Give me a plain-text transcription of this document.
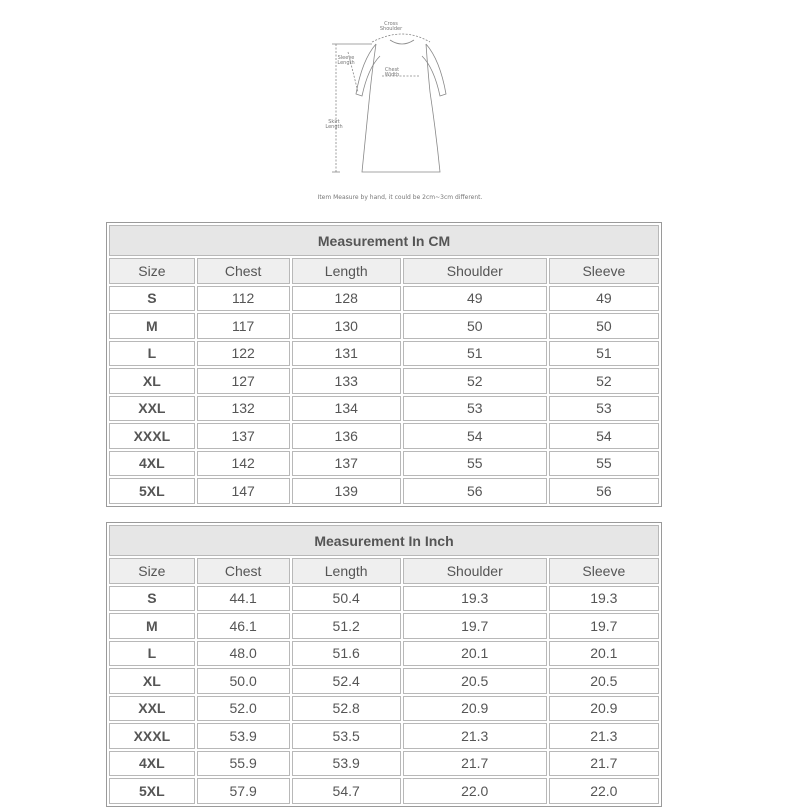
Cross Shoulder
Sleeve Length
Chest Width
Skirt Length
Item Measure by hand, it could be 2cm~3cm different.
Measurement In CM				
Size	Chest	Length	Shoulder	Sleeve
S	112	128	49	49
M	117	130	50	50
L	122	131	51	51
XL	127	133	52	52
XXL	132	134	53	53
XXXL	137	136	54	54
4XL	142	137	55	55
5XL	147	139	56	56
Measurement In Inch				
Size	Chest	Length	Shoulder	Sleeve
S	44.1	50.4	19.3	19.3
M	46.1	51.2	19.7	19.7
L	48.0	51.6	20.1	20.1
XL	50.0	52.4	20.5	20.5
XXL	52.0	52.8	20.9	20.9
XXXL	53.9	53.5	21.3	21.3
4XL	55.9	53.9	21.7	21.7
5XL	57.9	54.7	22.0	22.0
